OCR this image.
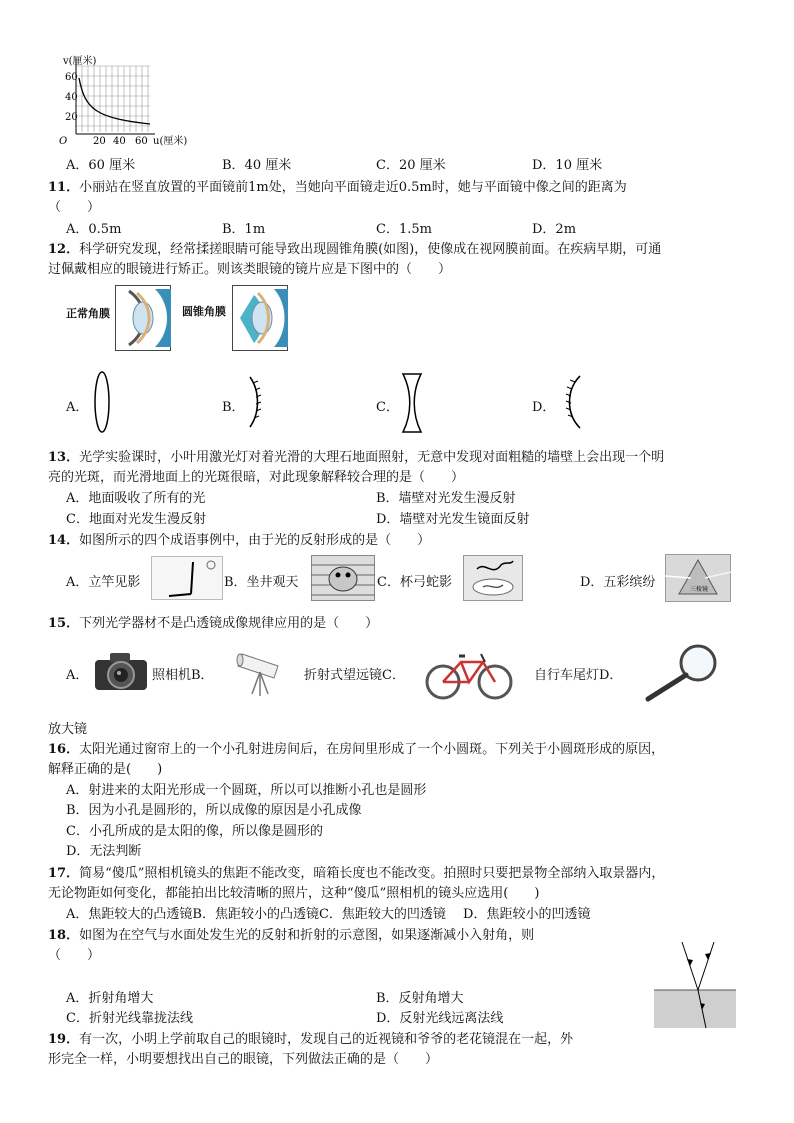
v(厘米)
60
40
20
O	20 40 60 u(厘米)
A．60 厘米	B．40 厘米	C．20 厘米	D．10 厘米
11．小丽站在竖直放置的平面镜前1m处，当她向平面镜走近0.5m时，她与平面镜中像之间的距离为
（　　）
A．0.5m	B．1m	C．1.5m	D．2m
12．科学研究发现，经常揉搓眼睛可能导致出现圆锥角膜(如图)，使像成在视网膜前面。在疾病早期，可通
过佩戴相应的眼镜进行矫正。则该类眼镜的镜片应是下图中的（　　）
正常角膜	圆锥角膜
A．	B．	C．	D．
13．光学实验课时，小叶用激光灯对着光滑的大理石地面照射，无意中发现对面粗糙的墙壁上会出现一个明
亮的光斑，而光滑地面上的光斑很暗，对此现象解释较合理的是（　　）
A．地面吸收了所有的光	B．墙壁对光发生漫反射
C．地面对光发生漫反射	D．墙壁对光发生镜面反射
14．如图所示的四个成语事例中，由于光的反射形成的是（　　）
A．立竿见影	B．坐井观天	C．杯弓蛇影	D．五彩缤纷	三棱镜
15．下列光学器材不是凸透镜成像规律应用的是（　　）
A．	照相机B．	折射式望远镜C．	自行车尾灯D．
放大镜
16．太阳光通过窗帘上的一个小孔射进房间后，在房间里形成了一个小圆斑。下列关于小圆斑形成的原因，
解释正确的是(　　)
A．射进来的太阳光形成一个圆斑，所以可以推断小孔也是圆形
B．因为小孔是圆形的，所以成像的原因是小孔成像
C．小孔所成的是太阳的像，所以像是圆形的
D．无法判断
17．简易“傻瓜”照相机镜头的焦距不能改变，暗箱长度也不能改变。拍照时只要把景物全部纳入取景器内，
无论物距如何变化，都能拍出比较清晰的照片，这种“傻瓜”照相机的镜头应选用(　　)
A．焦距较大的凸透镜B．焦距较小的凸透镜C．焦距较大的凹透镜　 D．焦距较小的凹透镜
18．如图为在空气与水面处发生光的反射和折射的示意图，如果逐渐减小入射角，则
（　　）
A．折射角增大	B．反射角增大
C．折射光线靠拢法线	D．反射光线远离法线
19．有一次，小明上学前取自己的眼镜时，发现自己的近视镜和爷爷的老花镜混在一起，外
形完全一样，小明要想找出自己的眼镜，下列做法正确的是（　　）
